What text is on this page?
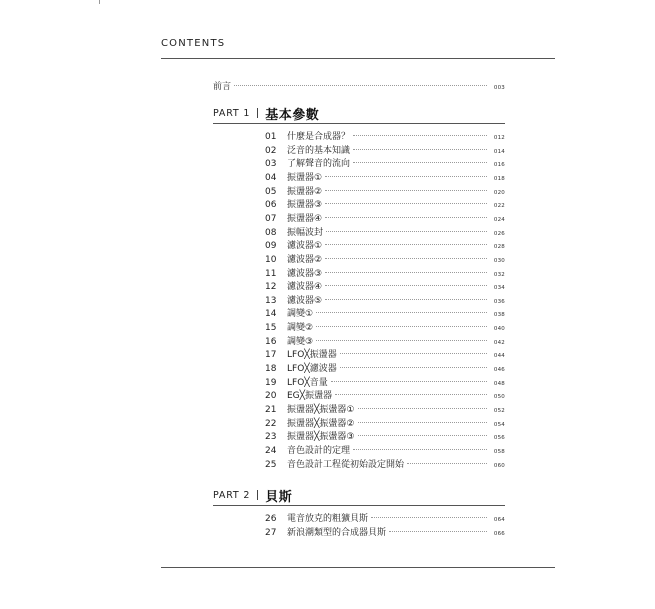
CONTENTS
前言	003
PART 1 基本參數
01	什麼是合成器？	012
02	泛音的基本知識	014
03	了解聲音的流向	016
04	振盪器①	018
05	振盪器②	020
06	振盪器③	022
07	振盪器④	024
08	振幅波封	026
09	濾波器①	028
10	濾波器②	030
11	濾波器③	032
12	濾波器④	034
13	濾波器⑤	036
14	調變①	038
15	調變②	040
16	調變③	042
17	LFO╳振盪器	044
18	LFO╳濾波器	046
19	LFO╳音量	048
20	EG╳振盪器	050
21	振盪器╳振盪器①	052
22	振盪器╳振盪器②	054
23	振盪器╳振盪器③	056
24	音色設計的定理	058
25	音色設計工程從初始設定開始	060
PART 2 貝斯
26	電音放克的粗獷貝斯	064
27	新浪潮類型的合成器貝斯	066
